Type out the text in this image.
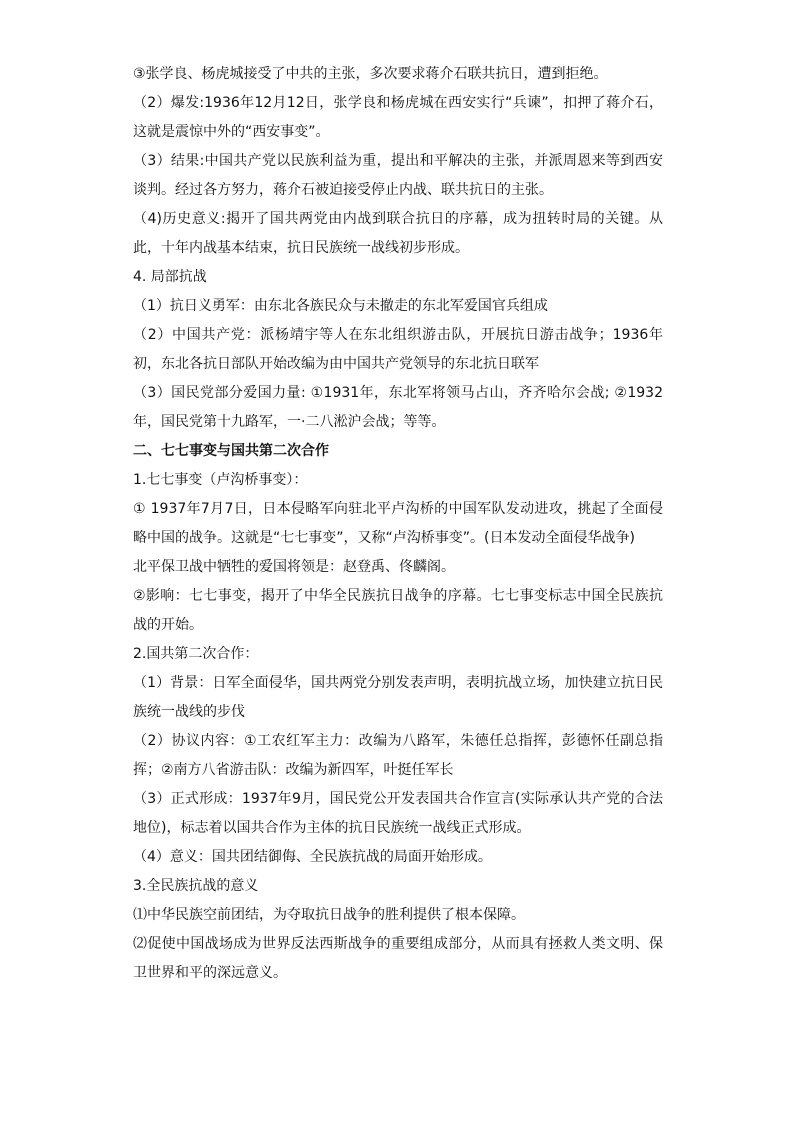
③张学良、杨虎城接受了中共的主张，多次要求蒋介石联共抗日，遭到拒绝。

（2）爆发:1936年12月12日，张学良和杨虎城在西安实行“兵谏”，扣押了蒋介石，这就是震惊中外的“西安事变”。

（3）结果:中国共产党以民族利益为重，提出和平解决的主张，并派周恩来等到西安谈判。经过各方努力，蒋介石被迫接受停止内战、联共抗日的主张。

（4)历史意义:揭开了国共两党由内战到联合抗日的序幕，成为扭转时局的关键。从此，十年内战基本结束，抗日民族统一战线初步形成。

4. 局部抗战

（1）抗日义勇军：由东北各族民众与未撤走的东北军爱国官兵组成

（2）中国共产党：派杨靖宇等人在东北组织游击队，开展抗日游击战争；1936年初，东北各抗日部队开始改编为由中国共产党领导的东北抗日联军

（3）国民党部分爱国力量: ①1931年，东北军将领马占山，齐齐哈尔会战; ②1932年，国民党第十九路军，一·二八淞沪会战；等等。

二、七七事变与国共第二次合作

1.七七事变（卢沟桥事变）：

① 1937年7月7日，日本侵略军向驻北平卢沟桥的中国军队发动进攻，挑起了全面侵略中国的战争。这就是“七七事变”，又称“卢沟桥事变”。(日本发动全面侵华战争)

北平保卫战中牺牲的爱国将领是：赵登禹、佟麟阁。

②影响：七七事变，揭开了中华全民族抗日战争的序幕。七七事变标志中国全民族抗战的开始。

2.国共第二次合作：

（1）背景：日军全面侵华，国共两党分别发表声明，表明抗战立场，加快建立抗日民族统一战线的步伐

（2）协议内容：①工农红军主力：改编为八路军，朱德任总指挥，彭德怀任副总指挥；②南方八省游击队：改编为新四军，叶挺任军长

（3）正式形成：1937年9月，国民党公开发表国共合作宣言(实际承认共产党的合法地位)，标志着以国共合作为主体的抗日民族统一战线正式形成。

（4）意义：国共团结御侮、全民族抗战的局面开始形成。

3.全民族抗战的意义

⑴中华民族空前团结，为夺取抗日战争的胜利提供了根本保障。

⑵促使中国战场成为世界反法西斯战争的重要组成部分，从而具有拯救人类文明、保卫世界和平的深远意义。
